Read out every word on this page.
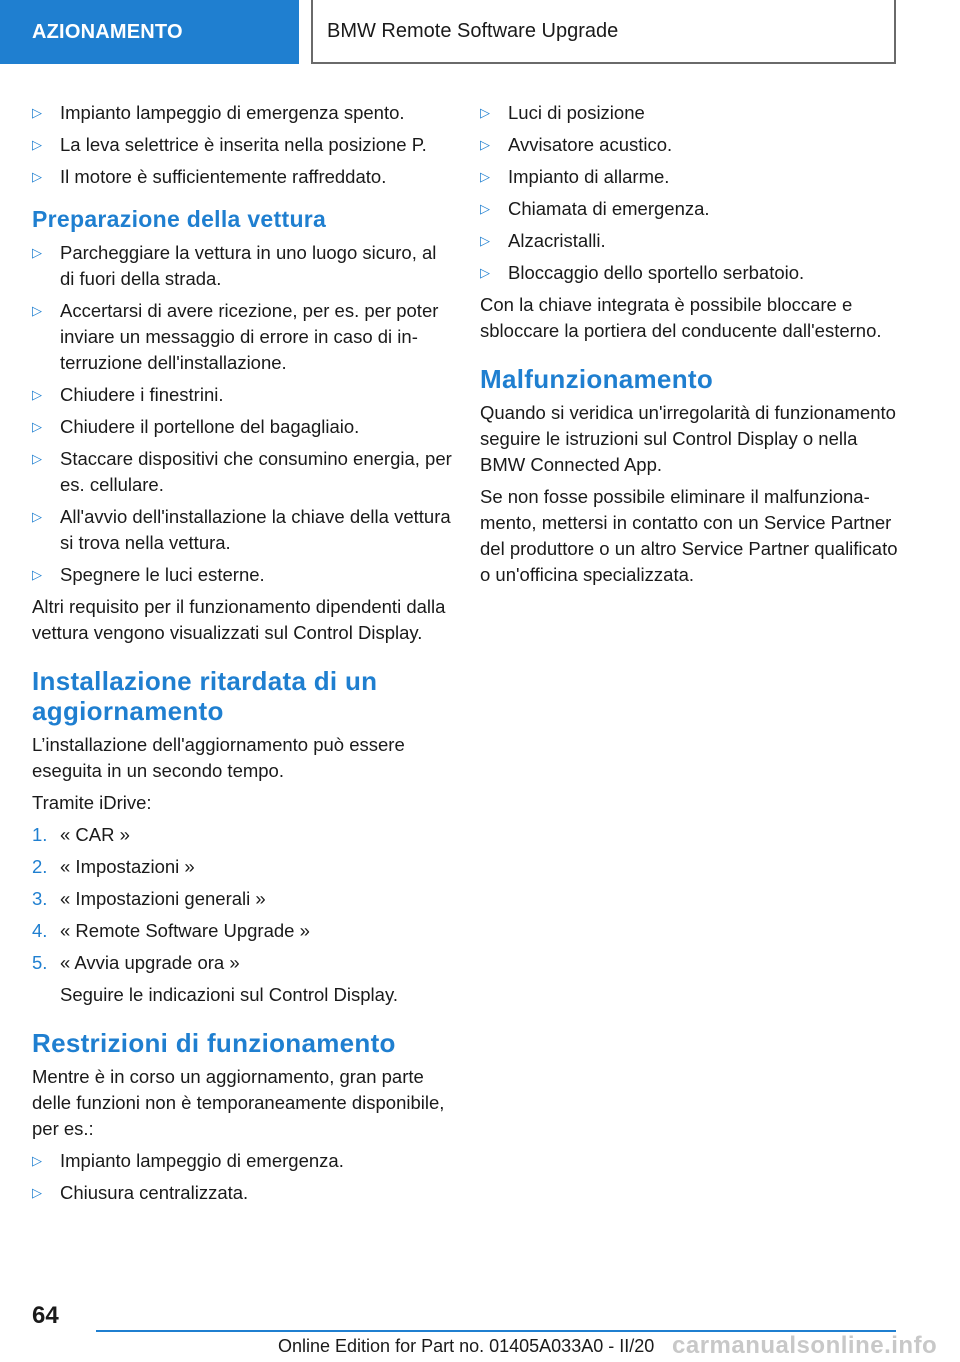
AZIONAMENTO	BMW Remote Software Upgrade
▷ Impianto lampeggio di emergenza spento.
▷ La leva selettrice è inserita nella posizione P.
▷ Il motore è sufficientemente raffreddato.
Preparazione della vettura
▷ Parcheggiare la vettura in uno luogo sicuro, al di fuori della strada.
▷ Accertarsi di avere ricezione, per es. per poter inviare un messaggio di errore in caso di interruzione dell'installazione.
▷ Chiudere i finestrini.
▷ Chiudere il portellone del bagagliaio.
▷ Staccare dispositivi che consumino energia, per es. cellulare.
▷ All'avvio dell'installazione la chiave della vettura si trova nella vettura.
▷ Spegnere le luci esterne.

Altri requisito per il funzionamento dipendenti dalla vettura vengono visualizzati sul Control Display.

Installazione ritardata di un aggiornamento

L’installazione dell'aggiornamento può essere eseguita in un secondo tempo.

Tramite iDrive:

1. « CAR »
2. « Impostazioni »
3. « Impostazioni generali »
4. « Remote Software Upgrade »
5. « Avvia upgrade ora »

Seguire le indicazioni sul Control Display.

Restrizioni di funzionamento

Mentre è in corso un aggiornamento, gran parte delle funzioni non è temporaneamente disponibile, per es.:

▷ Impianto lampeggio di emergenza.
▷ Chiusura centralizzata.
▷ Luci di posizione
▷ Avvisatore acustico.
▷ Impianto di allarme.
▷ Chiamata di emergenza.
▷ Alzacristalli.
▷ Bloccaggio dello sportello serbatoio.

Con la chiave integrata è possibile bloccare e sbloccare la portiera del conducente dall'esterno.

Malfunzionamento

Quando si veridica un'irregolarità di funzionamento seguire le istruzioni sul Control Display o nella BMW Connected App.

Se non fosse possibile eliminare il malfunzionamento, mettersi in contatto con un Service Partner del produttore o un altro Service Partner qualificato o un'officina specializzata.

64
Online Edition for Part no. 01405A033A0 - II/20 carmanualsonline.info
